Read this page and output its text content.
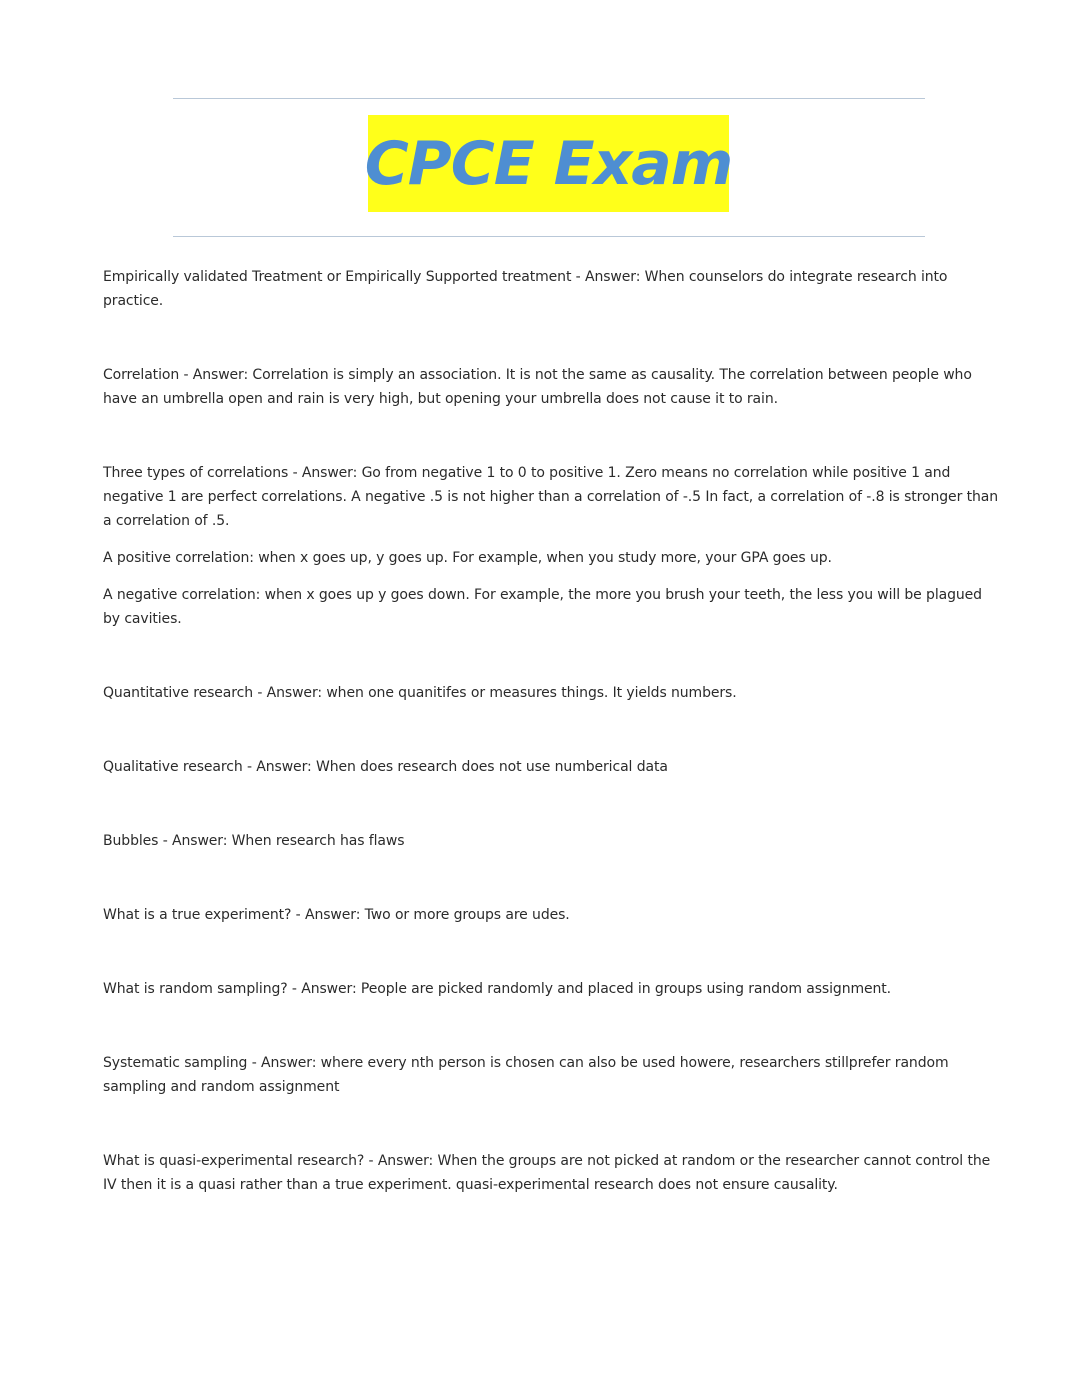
CPCE Exam

Empirically validated Treatment or Empirically Supported treatment - Answer: When counselors do integrate research into practice.

Correlation - Answer: Correlation is simply an association. It is not the same as causality. The correlation between people who have an umbrella open and rain is very high, but opening your umbrella does not cause it to rain.

Three types of correlations - Answer: Go from negative 1 to 0 to positive 1. Zero means no correlation while positive 1 and negative 1 are perfect correlations. A negative .5 is not higher than a correlation of -.5 In fact, a correlation of -.8 is stronger than a correlation of .5.

A positive correlation: when x goes up, y goes up. For example, when you study more, your GPA goes up.

A negative correlation: when x goes up y goes down. For example, the more you brush your teeth, the less you will be plagued by cavities.

Quantitative research - Answer: when one quanitifes or measures things. It yields numbers.

Qualitative research - Answer: When does research does not use numberical data

Bubbles - Answer: When research has flaws

What is a true experiment? - Answer: Two or more groups are udes.

What is random sampling? - Answer: People are picked randomly and placed in groups using random assignment.

Systematic sampling - Answer: where every nth person is chosen can also be used howere, researchers stillprefer random sampling and random assignment

What is quasi-experimental research? - Answer: When the groups are not picked at random or the researcher cannot control the IV then it is a quasi rather than a true experiment. quasi-experimental research does not ensure causality.
